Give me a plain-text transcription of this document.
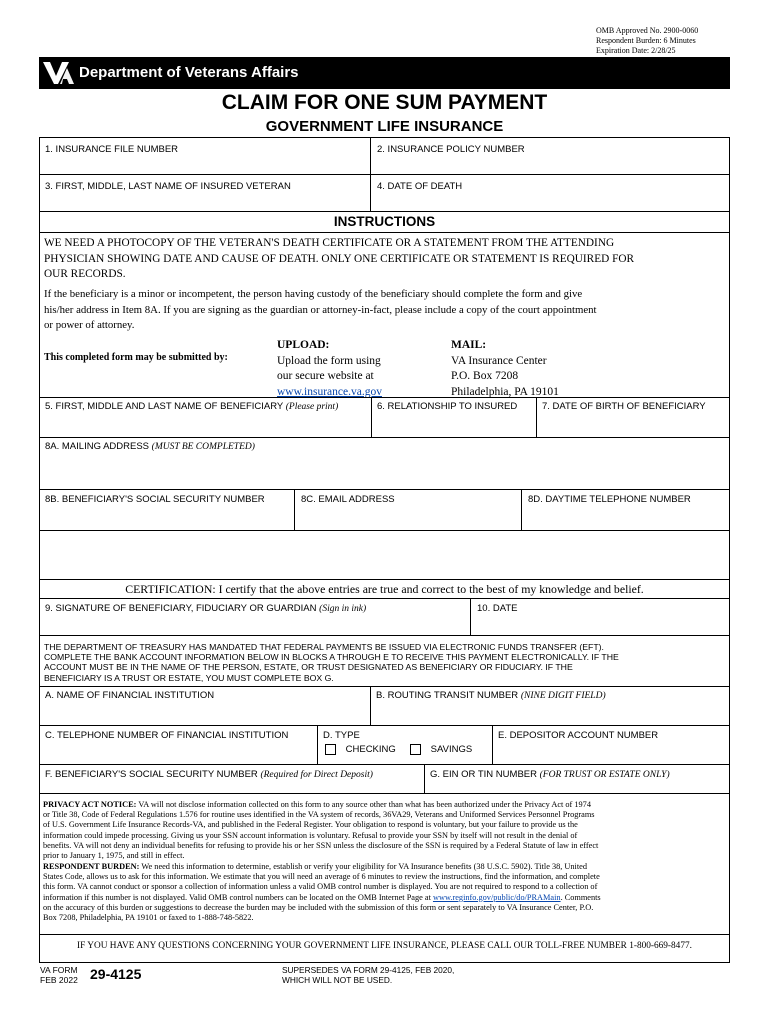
OMB Approved No. 2900-0060
Respondent Burden: 6 Minutes
Expiration Date: 2/28/25
Department of Veterans Affairs
CLAIM FOR ONE SUM PAYMENT
GOVERNMENT LIFE INSURANCE
1. INSURANCE FILE NUMBER	2. INSURANCE POLICY NUMBER
3. FIRST, MIDDLE, LAST NAME OF INSURED VETERAN	4. DATE OF DEATH
INSTRUCTIONS
WE NEED A PHOTOCOPY OF THE VETERAN'S DEATH CERTIFICATE OR A STATEMENT FROM THE ATTENDING
PHYSICIAN SHOWING DATE AND CAUSE OF DEATH. ONLY ONE CERTIFICATE OR STATEMENT IS REQUIRED FOR
OUR RECORDS.
If the beneficiary is a minor or incompetent, the person having custody of the beneficiary should complete the form and give
his/her address in Item 8A. If you are signing as the guardian or attorney-in-fact, please include a copy of the court appointment
or power of attorney.
This completed form may be submitted by:
UPLOAD:
Upload the form using
our secure website at
www.insurance.va.gov
MAIL:
VA Insurance Center
P.O. Box 7208
Philadelphia, PA 19101
5. FIRST, MIDDLE AND LAST NAME OF BENEFICIARY (Please print)	6. RELATIONSHIP TO INSURED	7. DATE OF BIRTH OF BENEFICIARY
8A. MAILING ADDRESS (MUST BE COMPLETED)
8B. BENEFICIARY'S SOCIAL SECURITY NUMBER	8C. EMAIL ADDRESS	8D. DAYTIME TELEPHONE NUMBER
CERTIFICATION: I certify that the above entries are true and correct to the best of my knowledge and belief.
9. SIGNATURE OF BENEFICIARY, FIDUCIARY OR GUARDIAN (Sign in ink)	10. DATE
THE DEPARTMENT OF TREASURY HAS MANDATED THAT FEDERAL PAYMENTS BE ISSUED VIA ELECTRONIC FUNDS TRANSFER (EFT).
COMPLETE THE BANK ACCOUNT INFORMATION BELOW IN BLOCKS A THROUGH E TO RECEIVE THIS PAYMENT ELECTRONICALLY. IF THE
ACCOUNT MUST BE IN THE NAME OF THE PERSON, ESTATE, OR TRUST DESIGNATED AS BENEFICIARY OR FIDUCIARY. IF THE
BENEFICIARY IS A TRUST OR ESTATE, YOU MUST COMPLETE BOX G.
A. NAME OF FINANCIAL INSTITUTION	B. ROUTING TRANSIT NUMBER (NINE DIGIT FIELD)
C. TELEPHONE NUMBER OF FINANCIAL INSTITUTION	D. TYPE
CHECKING	SAVINGS
E. DEPOSITOR ACCOUNT NUMBER
F. BENEFICIARY'S SOCIAL SECURITY NUMBER (Required for Direct Deposit)	G. EIN OR TIN NUMBER (FOR TRUST OR ESTATE ONLY)
PRIVACY ACT NOTICE: VA will not disclose information collected on this form to any source other than what has been authorized under the Privacy Act of 1974
or Title 38, Code of Federal Regulations 1.576 for routine uses identified in the VA system of records, 36VA29, Veterans and Uniformed Services Personnel Programs
of U.S. Government Life Insurance Records-VA, and published in the Federal Register. Your obligation to respond is voluntary, but your failure to provide us the
information could impede processing. Giving us your SSN account information is voluntary. Refusal to provide your SSN by itself will not result in the denial of
benefits. VA will not deny an individual benefits for refusing to provide his or her SSN unless the disclosure of the SSN is required by a Federal Statute of law in effect
prior to January 1, 1975, and still in effect.
RESPONDENT BURDEN: We need this information to determine, establish or verify your eligibility for VA Insurance benefits (38 U.S.C. 5902). Title 38, United
States Code, allows us to ask for this information. We estimate that you will need an average of 6 minutes to review the instructions, find the information, and complete
this form. VA cannot conduct or sponsor a collection of information unless a valid OMB control number is displayed. You are not required to respond to a collection of
information if this number is not displayed. Valid OMB control numbers can be located on the OMB Internet Page at www.reginfo.gov/public/do/PRAMain. Comments
on the accuracy of this burden or suggestions to decrease the burden may be included with the submission of this form or sent separately to VA Insurance Center, P.O.
Box 7208, Philadelphia, PA 19101 or faxed to 1-888-748-5822.
IF YOU HAVE ANY QUESTIONS CONCERNING YOUR GOVERNMENT LIFE INSURANCE, PLEASE CALL OUR TOLL-FREE NUMBER 1-800-669-8477.
VA FORM
FEB 2022 29-4125	SUPERSEDES VA FORM 29-4125, FEB 2020,
WHICH WILL NOT BE USED.
